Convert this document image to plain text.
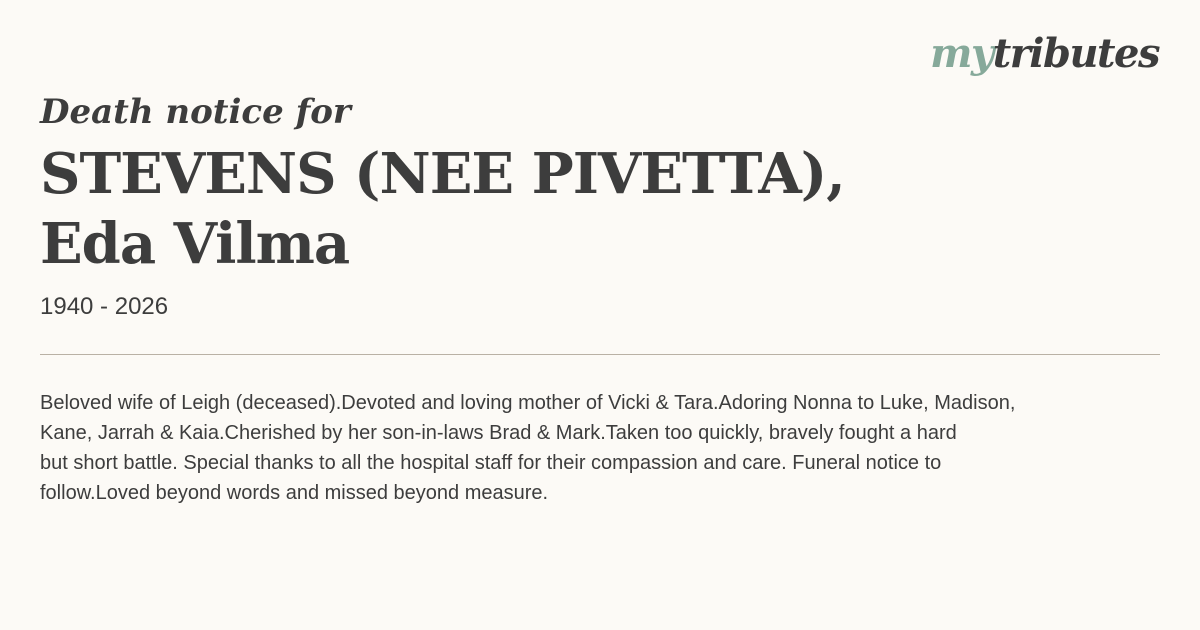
mytributes
Death notice for
STEVENS (NEE PIVETTA),
Eda Vilma

1940 - 2026

Beloved wife of Leigh (deceased).Devoted and loving mother of Vicki & Tara.Adoring Nonna to Luke, Madison,
Kane, Jarrah & Kaia.Cherished by her son-in-laws Brad & Mark.Taken too quickly, bravely fought a hard
but short battle. Special thanks to all the hospital staff for their compassion and care. Funeral notice to
follow.Loved beyond words and missed beyond measure.
